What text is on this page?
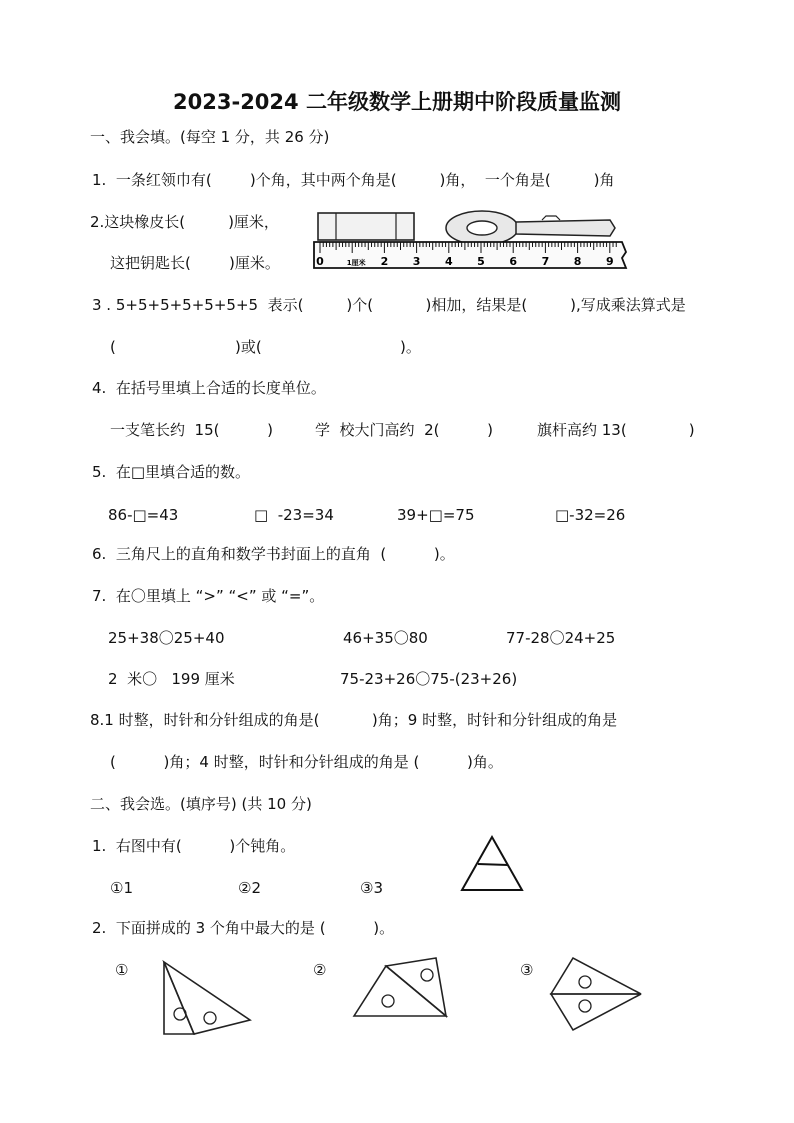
2023-2024 二年级数学上册期中阶段质量监测
一、我会填。(每空 1 分，共 26 分)
1.  一条红领巾有(        )个角，其中两个角是(         )角，  一个角是(         )角
2.这块橡皮长(         )厘米，
这把钥匙长(        )厘米。	0	1厘米 2 3 4 5 6 7 8 9
3 . 5+5+5+5+5+5+5  表示(         )个(           )相加，结果是(         ),写成乘法算式是
(                         )或(                             )。
4.  在括号里填上合适的长度单位。
一支笔长约  15(          )	学  校大门高约  2(          )	旗杆高约 13(             )
5.  在□里填合适的数。
86-□=43	□  -23=34	39+□=75	□-32=26
6.  三角尺上的直角和数学书封面上的直角  (          )。
7.  在〇里填上 “>” “<” 或 “=”。
25+38〇25+40	46+35〇80	77-28〇24+25
2  米〇   199 厘米	75-23+26〇75-(23+26)
8.1 时整，时针和分针组成的角是(           )角；9 时整，时针和分针组成的角是
(          )角；4 时整，时针和分针组成的角是 (          )角。
二、我会选。(填序号) (共 10 分)
1.  右图中有(          )个钝角。
①1	②2	③3
2.  下面拼成的 3 个角中最大的是 (          )。
①	②	③
